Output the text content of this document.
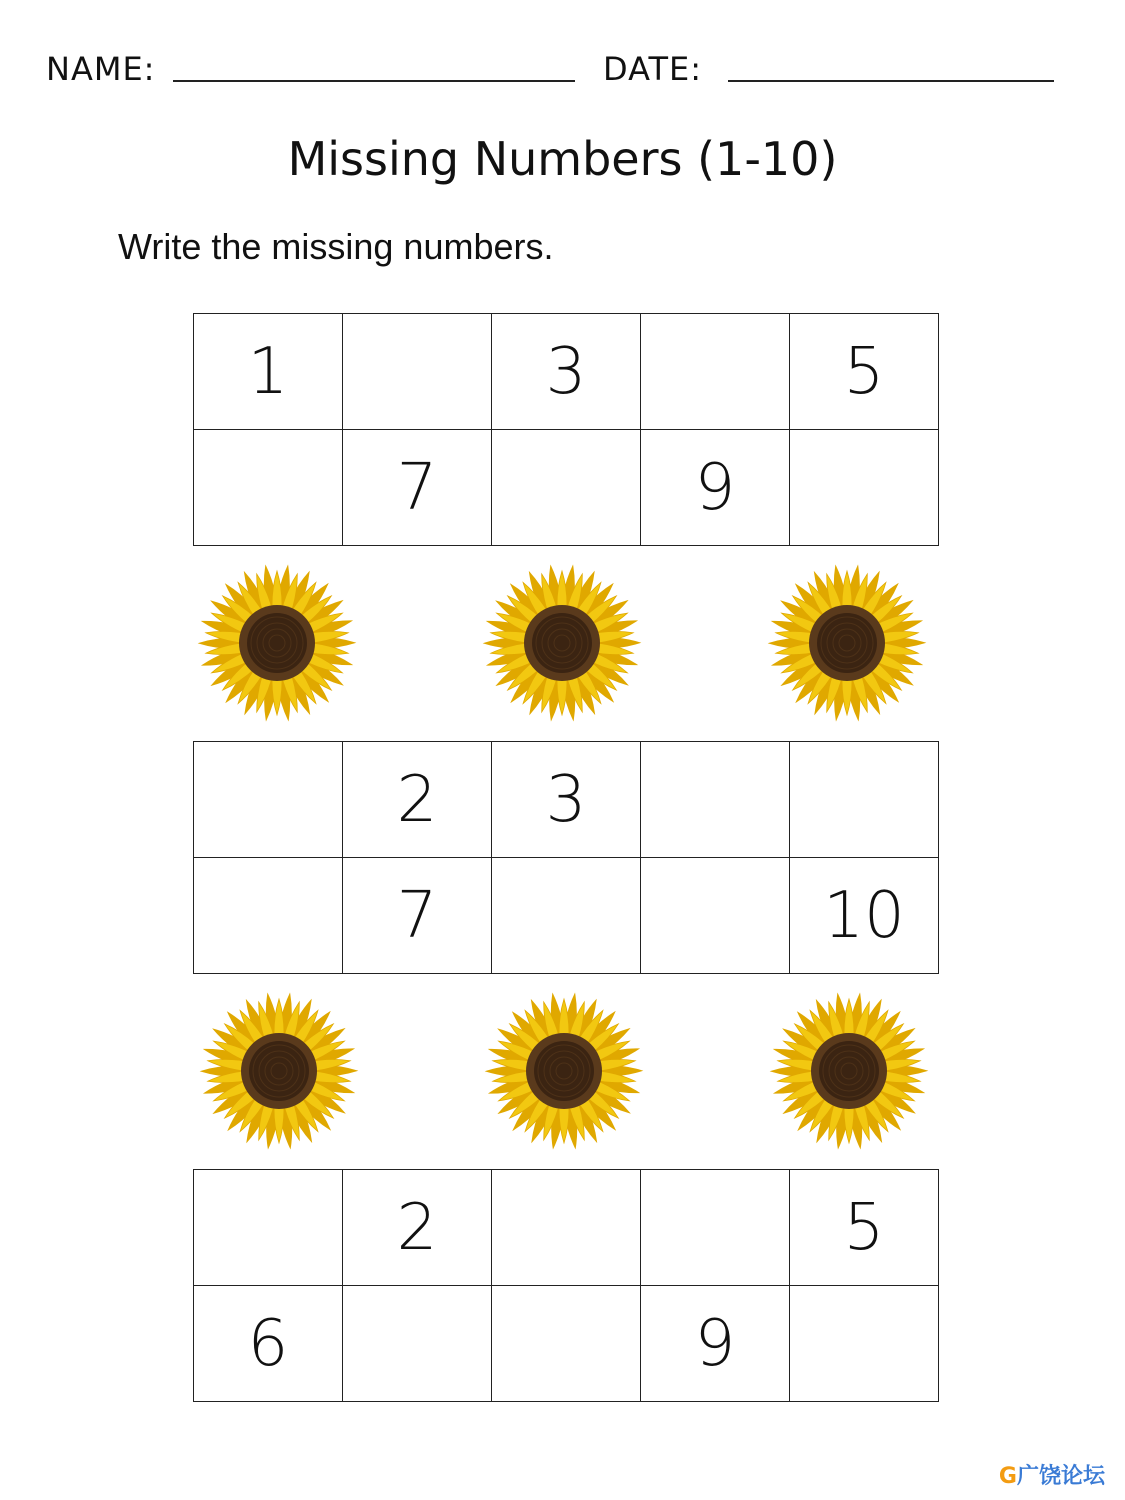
NAME:	DATE:
Missing Numbers (1-10)
Write the missing numbers.
1		3		5
	7		9	
	2	3		
	7			10
	2			5
6			9	
G广饶论坛
